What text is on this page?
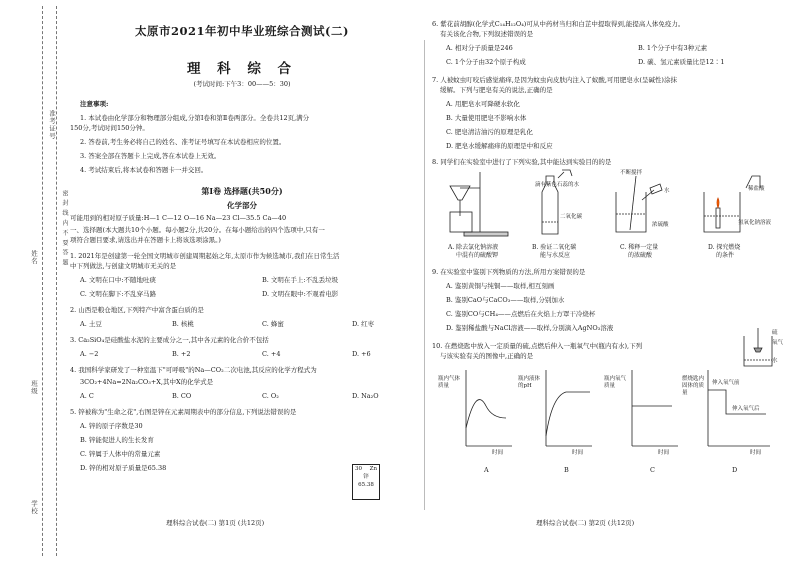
准考证号
姓名	密 封 线 内 不 要 答 题
班级
学校
太原市2021年初中毕业班综合测试(二)
理 科 综 合
(考试时间:下午3：00——5：30)
注意事项:
1. 本试卷由化学部分和物理部分组成,分第Ⅰ卷和第Ⅱ卷两部分。全卷共12页,满分
150分,考试时间150分钟。
2. 答卷前,考生务必将自己的姓名、准考证号填写在本试卷相应的位置。
3. 答案全部在答题卡上完成,答在本试卷上无效。
4. 考试结束后,将本试卷和答题卡一并交回。
第Ⅰ卷 选择题(共50分)
化学部分
可能用到的相对原子质量:H—1 C—12 O—16 Na—23 Cl—35.5 Ca—40
一、选择题(本大题共10个小题。每小题2分,共20分。在每小题给出的四个选项中,只有一
项符合题目要求,请选出并在答题卡上将该选项涂黑。)
1. 2021年是创建第一轮全国文明城市创建周期起始之年,太原市作为候选城市,我们在日常生活
中下列做法,与创建文明城市无关的是
A. 文明在口中:不随地吐痰	B. 文明在手上:不乱丢垃圾
C. 文明在脚下:不乱穿马路	D. 文明在眼中:不观看电影
2. 山西是粮仓地区,下列特产中富含蛋白质的是
A. 土豆	B. 核桃	C. 蜂蜜	D. 红枣
3. Ca₂SiO₄是硅酸盐水泥的主要成分之一,其中各元素的化合价不包括
A. −2	B. +2	C. +4	D. +6
4. 我国科学家研发了一种室温下"可呼吸"的Na—CO₂二次电池,其反应的化学方程式为
3CO₂+4Na=2Na₂CO₃+X,其中X的化学式是
A. C	B. CO	C. O₂	D. Na₂O
5. 锌被称为"生命之花",右图是锌在元素周期表中的部分信息,下列说法错误的是
A. 锌的原子序数是30
B. 锌能促进人的生长发育
C. 锌属于人体中的常量元素
D. 锌的相对原子质量是65.38	30 Zn
锌
65.38
理科综合试卷(二) 第1页 (共12页)
6. 紫花前胡醇(化学式C₁₄H₁₂O₄)可从中药材当归和白芷中提取得到,能提高人体免疫力。
有关该化合物,下列叙述错误的是
A. 相对分子质量是246	B. 1个分子中有3种元素
C. 1个分子由32个原子构成	D. 碳、氢元素质量比是12∶1
7. 人被蚊虫叮咬后感觉痛痒,是因为蚊虫向皮肤内注入了蚁酸,可用肥皂水(呈碱性)涂抹
缓解。下列与肥皂有关的说法,正确的是
A. 用肥皂水可降硬水软化
B. 大量使用肥皂不影响水体
C. 肥皂清洁油污的原理是乳化
D. 肥皂水缓解痛痒的原理是中和反应
8. 同学们在实验室中进行了下列实验,其中能达到实验目的的是
滴有紫色石蕊的水
二氧化碳
不断搅拌
水
浓硫酸
稀盐酸
氢氧化钠溶液
A. 除去氯化钠溶液
中混有的硫酸钾
B. 验证二氧化碳
能与水反应
C. 稀释一定量
的浓硫酸
D. 探究燃烧
的条件
9. 在实验室中鉴别下列物质的方法,所用方案错误的是
A. 鉴别黄铜与纯铜——取样,相互刻画
B. 鉴别CaO与CaCO₃——取样,分别加水
C. 鉴别CO与CH₄——点燃后在火焰上方罩干冷烧杯
D. 鉴别稀盐酸与NaCl溶液——取样,分别滴入AgNO₃溶液
10. 在燃烧匙中放入一定质量的硫,点燃后伸入一瓶氧气中(瓶内有水),下列
与该实验有关的图像中,正确的是
硫
氧气
水
瓶内气体质量
时间
A
瓶内液体的pH
时间
B
瓶内氧气质量
时间
C
燃烧匙内固体的质量
伸入氧气前
伸入氧气后
时间
D
理科综合试卷(二) 第2页 (共12页)
